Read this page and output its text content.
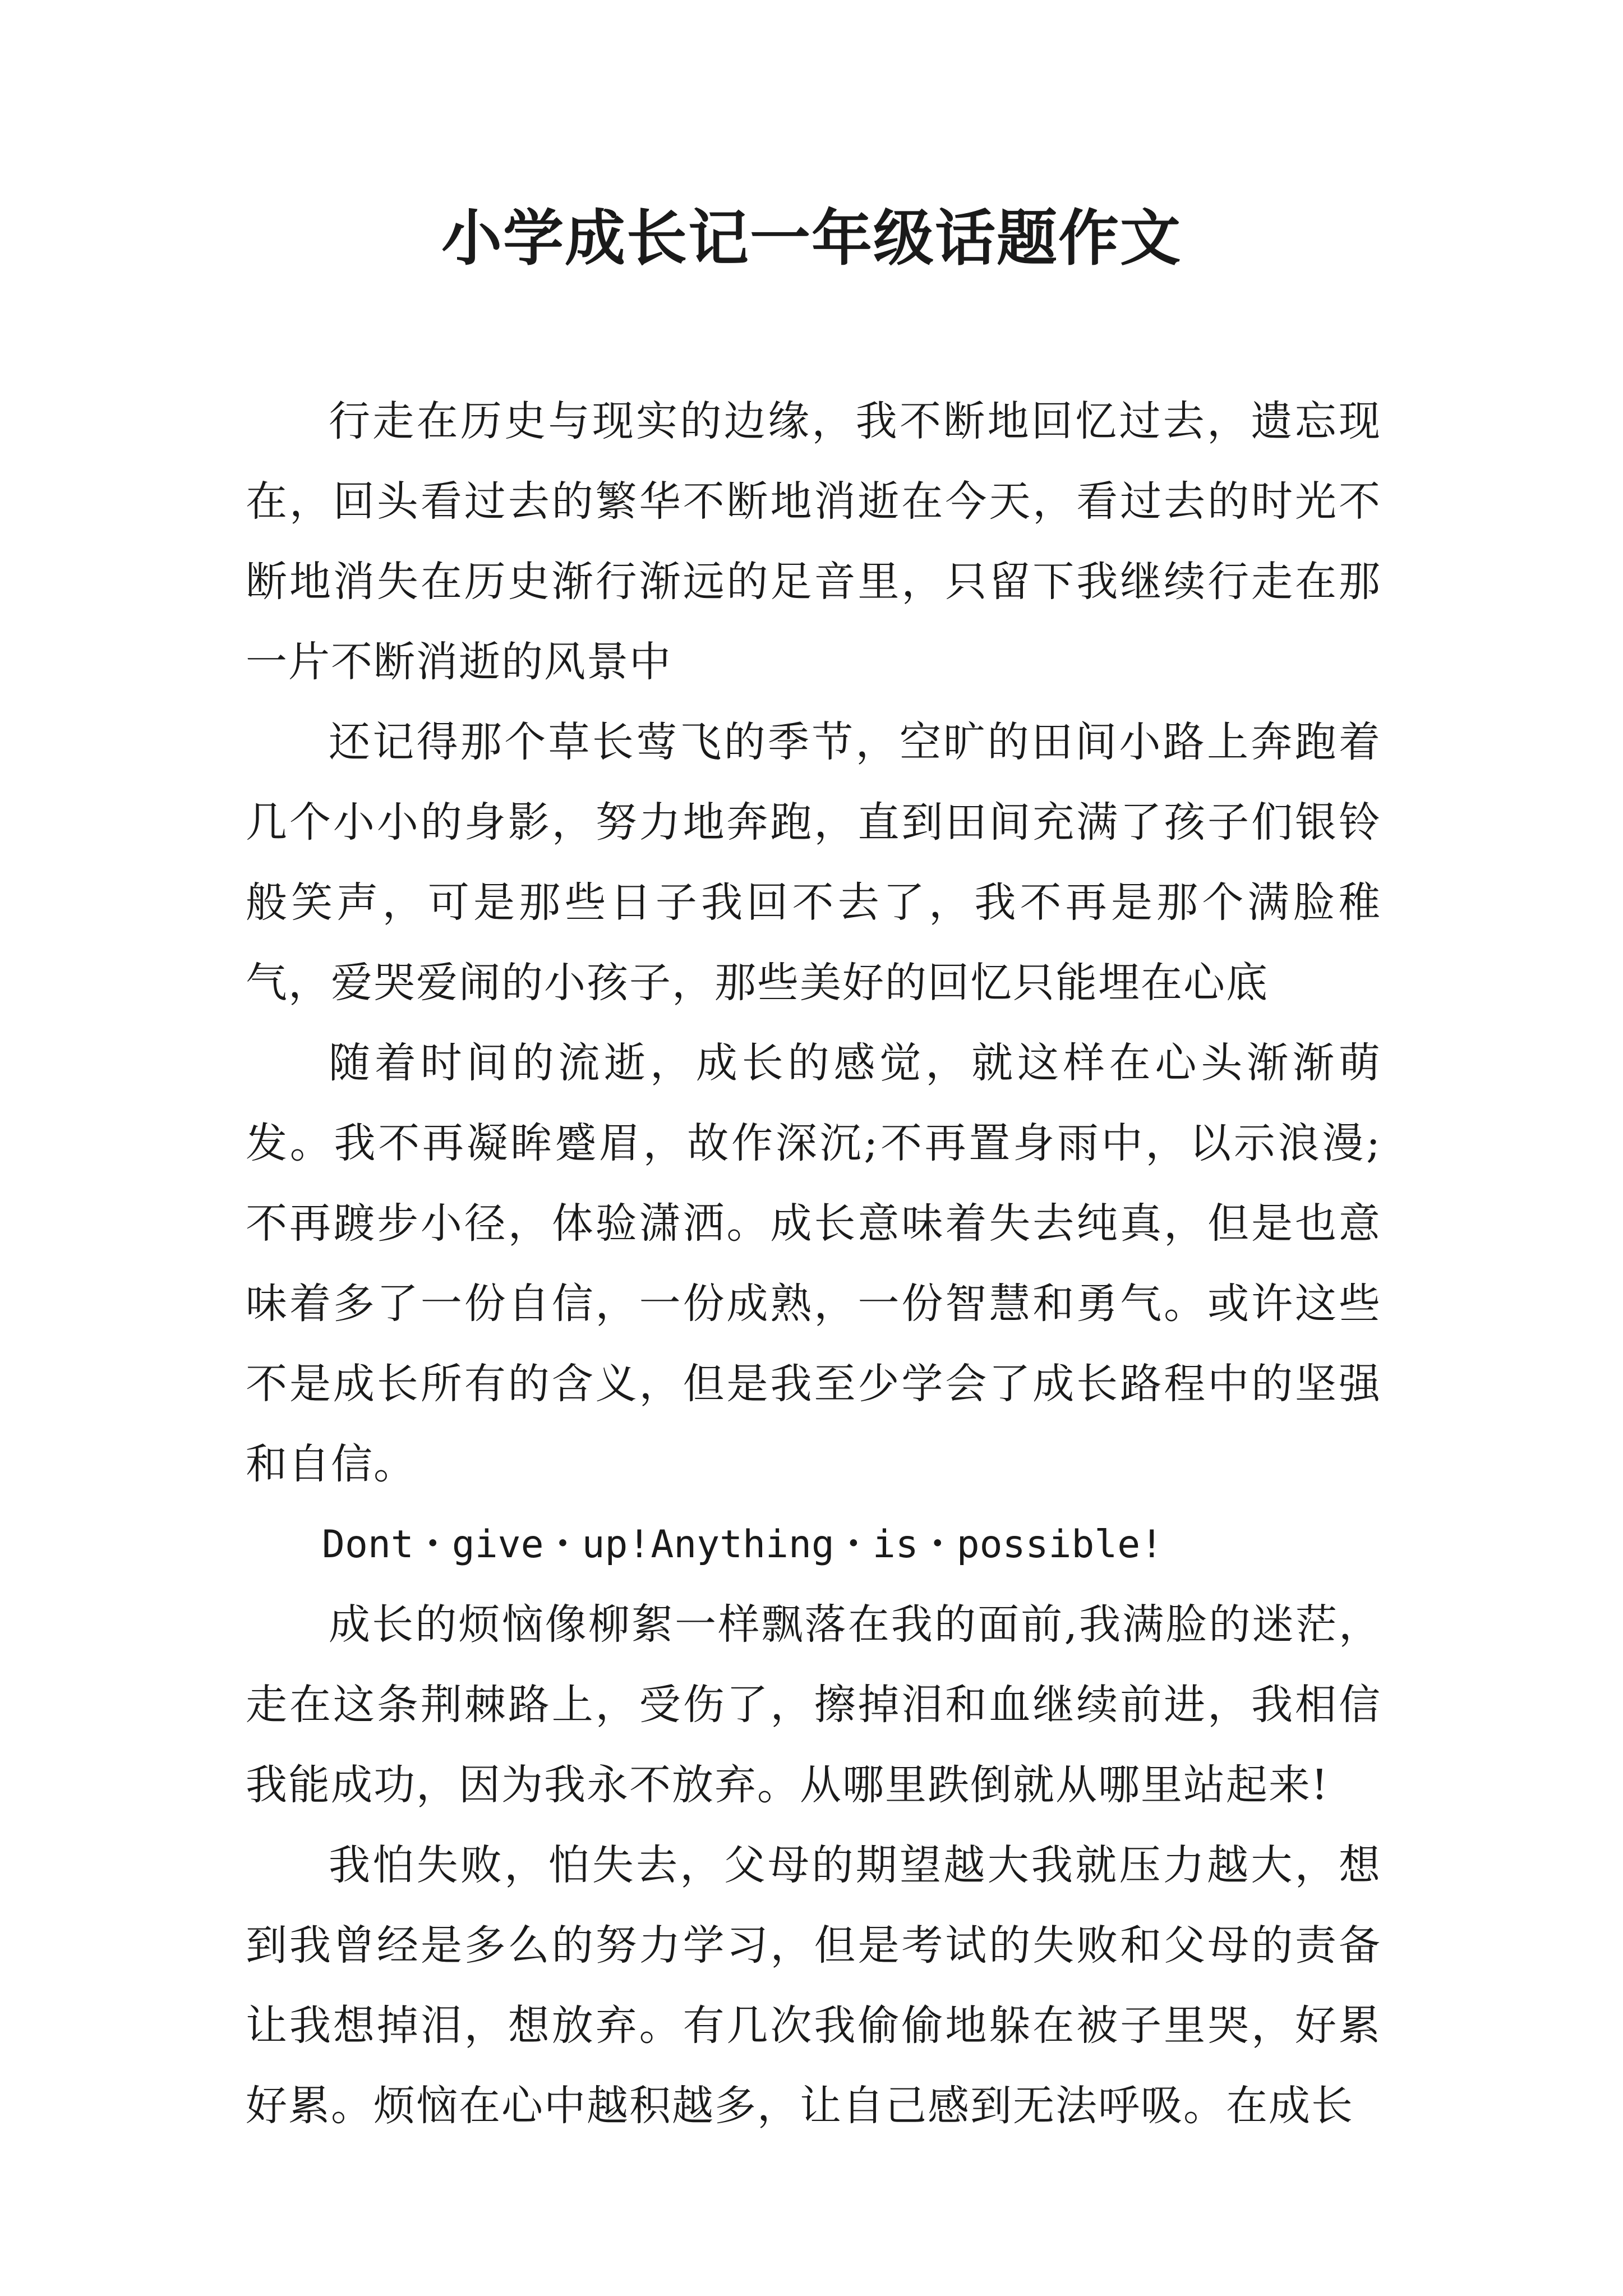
小学成长记一年级话题作文

行走在历史与现实的边缘，我不断地回忆过去，遗忘现在，回头看过去的繁华不断地消逝在今天，看过去的时光不断地消失在历史渐行渐远的足音里，只留下我继续行走在那一片不断消逝的风景中

还记得那个草长莺飞的季节，空旷的田间小路上奔跑着几个小小的身影，努力地奔跑，直到田间充满了孩子们银铃般笑声，可是那些日子我回不去了，我不再是那个满脸稚气，爱哭爱闹的小孩子，那些美好的回忆只能埋在心底

随着时间的流逝，成长的感觉，就这样在心头渐渐萌发。我不再凝眸蹙眉，故作深沉;不再置身雨中，以示浪漫;不再踱步小径，体验潇洒。成长意味着失去纯真，但是也意味着多了一份自信，一份成熟，一份智慧和勇气。或许这些不是成长所有的含义，但是我至少学会了成长路程中的坚强和自信。

Dont・give・up!Anything・is・possible!

成长的烦恼像柳絮一样飘落在我的面前,我满脸的迷茫，走在这条荆棘路上，受伤了，擦掉泪和血继续前进，我相信我能成功，因为我永不放弃。从哪里跌倒就从哪里站起来!

我怕失败，怕失去，父母的期望越大我就压力越大，想到我曾经是多么的努力学习，但是考试的失败和父母的责备让我想掉泪，想放弃。有几次我偷偷地躲在被子里哭，好累好累。烦恼在心中越积越多，让自己感到无法呼吸。在成长
